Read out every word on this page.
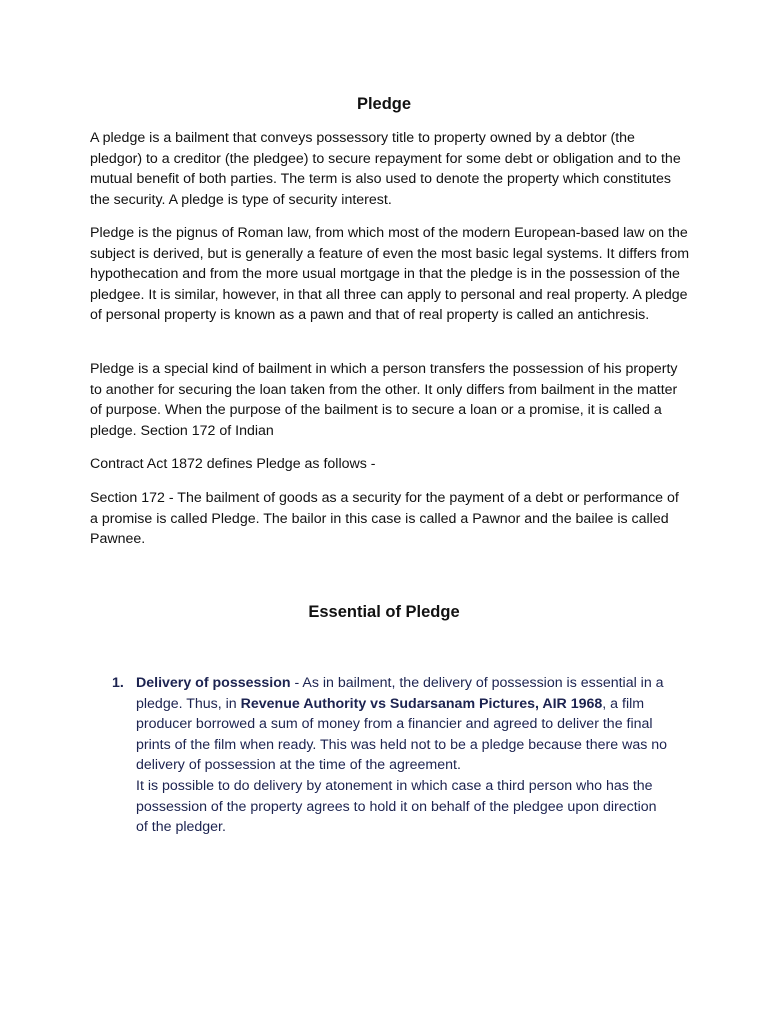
Pledge

A pledge is a bailment that conveys possessory title to property owned by a debtor (the pledgor) to a creditor (the pledgee) to secure repayment for some debt or obligation and to the mutual benefit of both parties. The term is also used to denote the property which constitutes the security. A pledge is type of security interest.

Pledge is the pignus of Roman law, from which most of the modern European-based law on the subject is derived, but is generally a feature of even the most basic legal systems. It differs from hypothecation and from the more usual mortgage in that the pledge is in the possession of the pledgee. It is similar, however, in that all three can apply to personal and real property. A pledge of personal property is known as a pawn and that of real property is called an antichresis.

Pledge is a special kind of bailment in which a person transfers the possession of his property to another for securing the loan taken from the other. It only differs from bailment in the matter of purpose. When the purpose of the bailment is to secure a loan or a promise, it is called a pledge. Section 172 of Indian

Contract Act 1872 defines Pledge as follows -

Section 172 - The bailment of goods as a security for the payment of a debt or performance of a promise is called Pledge. The bailor in this case is called a Pawnor and the bailee is called Pawnee.

Essential of Pledge
1. Delivery of possession - As in bailment, the delivery of possession is essential in a pledge. Thus, in Revenue Authority vs Sudarsanam Pictures, AIR 1968, a film producer borrowed a sum of money from a financier and agreed to deliver the final prints of the film when ready. This was held not to be a pledge because there was no delivery of possession at the time of the agreement.
It is possible to do delivery by atonement in which case a third person who has the possession of the property agrees to hold it on behalf of the pledgee upon direction of the pledger.
